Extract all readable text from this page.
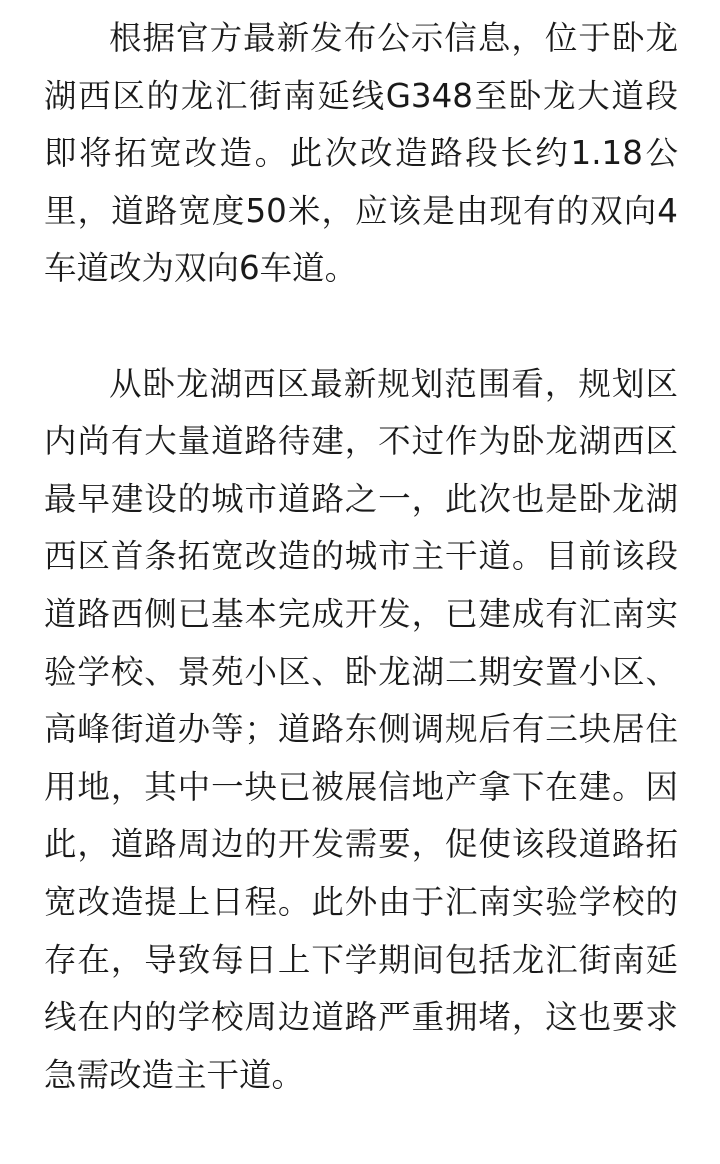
根据官方最新发布公示信息，位于卧龙湖西区的龙汇街南延线G348至卧龙大道段即将拓宽改造。此次改造路段长约1.18公里，道路宽度50米，应该是由现有的双向4车道改为双向6车道。

从卧龙湖西区最新规划范围看，规划区内尚有大量道路待建，不过作为卧龙湖西区最早建设的城市道路之一，此次也是卧龙湖西区首条拓宽改造的城市主干道。目前该段道路西侧已基本完成开发，已建成有汇南实验学校、景苑小区、卧龙湖二期安置小区、高峰街道办等；道路东侧调规后有三块居住用地，其中一块已被展信地产拿下在建。因此，道路周边的开发需要，促使该段道路拓宽改造提上日程。此外由于汇南实验学校的存在，导致每日上下学期间包括龙汇街南延线在内的学校周边道路严重拥堵，这也要求急需改造主干道。
